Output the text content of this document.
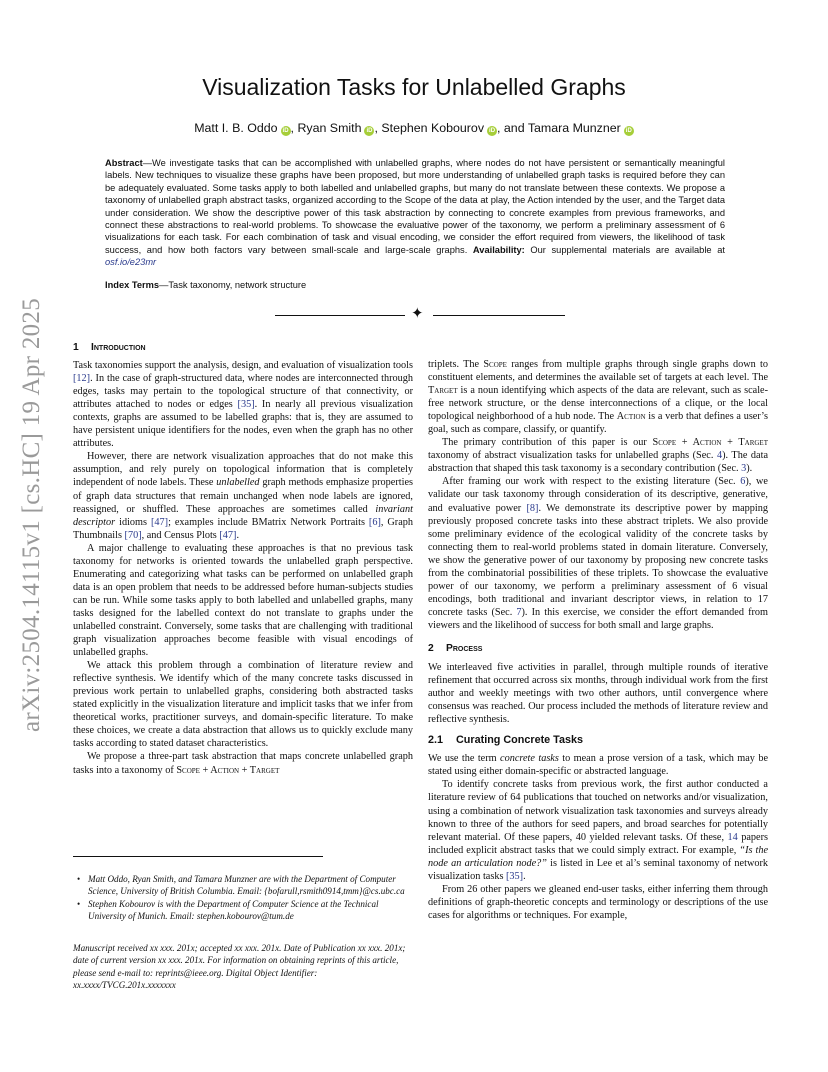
arXiv:2504.14115v1 [cs.HC] 19 Apr 2025
Visualization Tasks for Unlabelled Graphs
Matt I. B. Oddo iD , Ryan Smith iD , Stephen Kobourov iD , and Tamara Munzner iD
Abstract—We investigate tasks that can be accomplished with unlabelled graphs, where nodes do not have persistent or semantically meaningful labels. New techniques to visualize these graphs have been proposed, but more understanding of unlabelled graph tasks is required before they can be adequately evaluated. Some tasks apply to both labelled and unlabelled graphs, but many do not translate between these contexts. We propose a taxonomy of unlabelled graph abstract tasks, organized according to the Scope of the data at play, the Action intended by the user, and the Target data under consideration. We show the descriptive power of this task abstraction by connecting to concrete examples from previous frameworks, and connect these abstractions to real-world problems. To showcase the evaluative power of the taxonomy, we perform a preliminary assessment of 6 visualizations for each task. For each combination of task and visual encoding, we consider the effort required from viewers, the likelihood of task success, and how both factors vary between small-scale and large-scale graphs. Availability: Our supplemental materials are available at osf.io/e23mr
Index Terms—Task taxonomy, network structure
✦
1 Introduction

Task taxonomies support the analysis, design, and evaluation of visualization tools [12]. In the case of graph-structured data, where nodes are interconnected through edges, tasks may pertain to the topological structure of that connectivity, or attributes attached to nodes or edges [35]. In nearly all previous visualization contexts, graphs are assumed to be labelled graphs: that is, they are assumed to have persistent unique identifiers for the nodes, even when the graph has no other attributes.

However, there are network visualization approaches that do not make this assumption, and rely purely on topological information that is completely independent of node labels. These unlabelled graph methods emphasize properties of graph data structures that remain unchanged when node labels are ignored, reassigned, or shuffled. These approaches are sometimes called invariant descriptor idioms [47]; examples include BMatrix Network Portraits [6], Graph Thumbnails [70], and Census Plots [47].

A major challenge to evaluating these approaches is that no previous task taxonomy for networks is oriented towards the unlabelled graph perspective. Enumerating and categorizing what tasks can be performed on unlabelled graph data is an open problem that needs to be addressed before human-subjects studies can be run. While some tasks apply to both labelled and unlabelled graphs, many tasks designed for the labelled context do not translate to graphs under the unlabelled constraint. Conversely, some tasks that are challenging with traditional graph visualization approaches become feasible with visual encodings of unlabelled graphs.

We attack this problem through a combination of literature review and reflective synthesis. We identify which of the many concrete tasks discussed in previous work pertain to unlabelled graphs, considering both abstracted tasks stated explicitly in the visualization literature and implicit tasks that we infer from theoretical works, practitioner surveys, and domain-specific literature. To make these choices, we create a data abstraction that allows us to quickly exclude many tasks according to stated dataset characteristics.

We propose a three-part task abstraction that maps concrete unlabelled graph tasks into a taxonomy of Scope + Action + Target

• Matt Oddo, Ryan Smith, and Tamara Munzner are with the Department of Computer Science, University of British Columbia. Email: {bofarull,rsmith0914,tmm}@cs.ubc.ca

• Stephen Kobourov is with the Department of Computer Science at the Technical University of Munich. Email: stephen.kobourov@tum.de

Manuscript received xx xxx. 201x; accepted xx xxx. 201x. Date of Publication xx xxx. 201x; date of current version xx xxx. 201x. For information on obtaining reprints of this article, please send e-mail to: reprints@ieee.org. Digital Object Identifier: xx.xxxx/TVCG.201x.xxxxxxx

triplets. The Scope ranges from multiple graphs through single graphs down to constituent elements, and determines the available set of targets at each level. The Target is a noun identifying which aspects of the data are relevant, such as scale-free network structure, or the dense interconnections of a clique, or the local topological neighborhood of a hub node. The Action is a verb that defines a user’s goal, such as compare, classify, or quantify.

The primary contribution of this paper is our Scope + Action + Target taxonomy of abstract visualization tasks for unlabelled graphs (Sec. 4). The data abstraction that shaped this task taxonomy is a secondary contribution (Sec. 3).

After framing our work with respect to the existing literature (Sec. 6), we validate our task taxonomy through consideration of its descriptive, generative, and evaluative power [8]. We demonstrate its descriptive power by mapping previously proposed concrete tasks into these abstract triplets. We also provide some preliminary evidence of the ecological validity of the concrete tasks by connecting them to real-world problems stated in domain literature. Conversely, we show the generative power of our taxonomy by proposing new concrete tasks from the combinatorial possibilities of these triplets. To showcase the evaluative power of our taxonomy, we perform a preliminary assessment of 6 visual encodings, both traditional and invariant descriptor views, in relation to 17 concrete tasks (Sec. 7). In this exercise, we consider the effort demanded from viewers and the likelihood of success for both small and large graphs.

2 Process

We interleaved five activities in parallel, through multiple rounds of iterative refinement that occurred across six months, through individual work from the first author and weekly meetings with two other authors, until convergence where consensus was reached. Our process included the methods of literature review and reflective synthesis.

2.1 Curating Concrete Tasks

We use the term concrete tasks to mean a prose version of a task, which may be stated using either domain-specific or abstracted language.

To identify concrete tasks from previous work, the first author conducted a literature review of 64 publications that touched on networks and/or visualization, using a combination of network visualization task taxonomies and surveys already known to three of the authors for seed papers, and broad searches for potentially relevant material. Of these papers, 40 yielded relevant tasks. Of these, 14 papers included explicit abstract tasks that we could simply extract. For example, “Is the node an articulation node?” is listed in Lee et al’s seminal taxonomy of network visualization tasks [35].

From 26 other papers we gleaned end-user tasks, either inferring them through definitions of graph-theoretic concepts and terminology or descriptions of the use cases for algorithms or techniques. For example,
